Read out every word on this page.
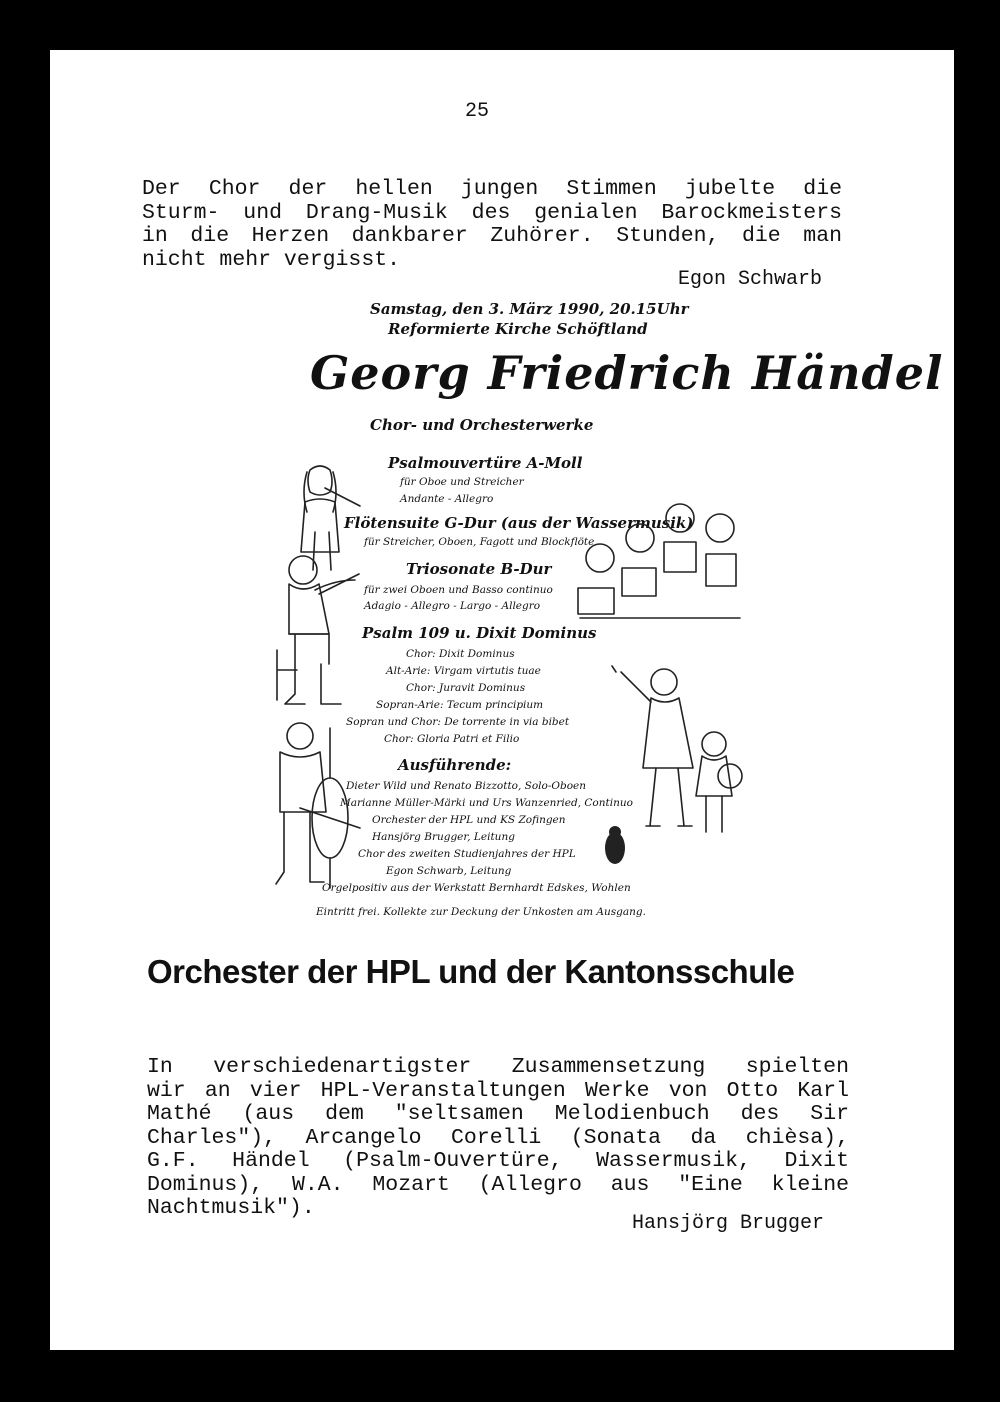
25
Der Chor der hellen jungen Stimmen jubelte die
Sturm- und Drang-Musik des genialen Barockmeisters
in die Herzen dankbarer Zuhörer. Stunden, die man
nicht mehr vergisst.
Egon Schwarb
Samstag, den 3. März 1990, 20.15Uhr
Reformierte Kirche Schöftland
Georg Friedrich Händel
Chor- und Orchesterwerke
Psalmouvertüre A-Moll
für Oboe und Streicher
Andante - Allegro
Flötensuite G-Dur (aus der Wassermusik)
für Streicher, Oboen, Fagott und Blockflöte
Triosonate B-Dur
für zwei Oboen und Basso continuo
Adagio - Allegro - Largo - Allegro
Psalm 109 u. Dixit Dominus
Chor: Dixit Dominus
Alt-Arie: Virgam virtutis tuae
Chor: Juravit Dominus
Sopran-Arie: Tecum principium
Sopran und Chor: De torrente in via bibet
Chor: Gloria Patri et Filio
Ausführende:
Dieter Wild und Renato Bizzotto, Solo-Oboen
Marianne Müller-Märki und Urs Wanzenried, Continuo
Orchester der HPL und KS Zofingen
Hansjörg Brugger, Leitung
Chor des zweiten Studienjahres der HPL
Egon Schwarb, Leitung
Orgelpositiv aus der Werkstatt Bernhardt Edskes, Wohlen
Eintritt frei. Kollekte zur Deckung der Unkosten am Ausgang.
Orchester der HPL und der Kantonsschule
In verschiedenartigster Zusammensetzung spielten
wir an vier HPL-Veranstaltungen Werke von Otto Karl
Mathé (aus dem "seltsamen Melodienbuch des Sir
Charles"), Arcangelo Corelli (Sonata da chièsa),
G.F. Händel (Psalm-Ouvertüre, Wassermusik, Dixit
Dominus), W.A. Mozart (Allegro aus "Eine kleine
Nachtmusik").
Hansjörg Brugger
